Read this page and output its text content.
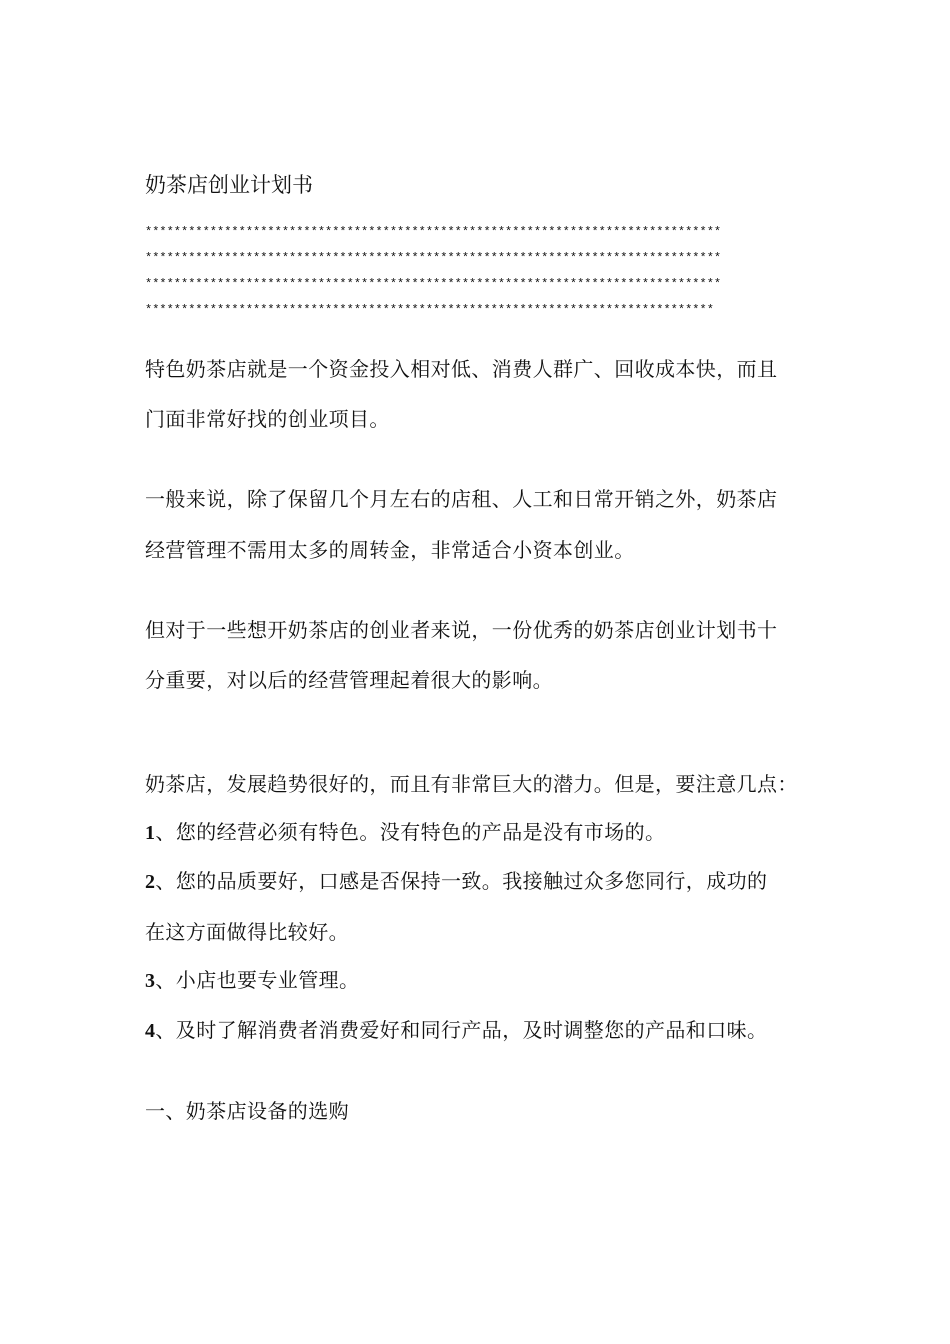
奶茶店创业计划书
********************************************************************************
********************************************************************************
********************************************************************************
*******************************************************************************
特色奶茶店就是一个资金投入相对低、消费人群广、回收成本快，而且
门面非常好找的创业项目。
一般来说，除了保留几个月左右的店租、人工和日常开销之外，奶茶店
经营管理不需用太多的周转金，非常适合小资本创业。
但对于一些想开奶茶店的创业者来说，一份优秀的奶茶店创业计划书十
分重要，对以后的经营管理起着很大的影响。
奶茶店，发展趋势很好的，而且有非常巨大的潜力。但是，要注意几点：
1、您的经营必须有特色。没有特色的产品是没有市场的。
2、您的品质要好，口感是否保持一致。我接触过众多您同行，成功的
在这方面做得比较好。
3、小店也要专业管理。
4、及时了解消费者消费爱好和同行产品，及时调整您的产品和口味。
一、奶茶店设备的选购
